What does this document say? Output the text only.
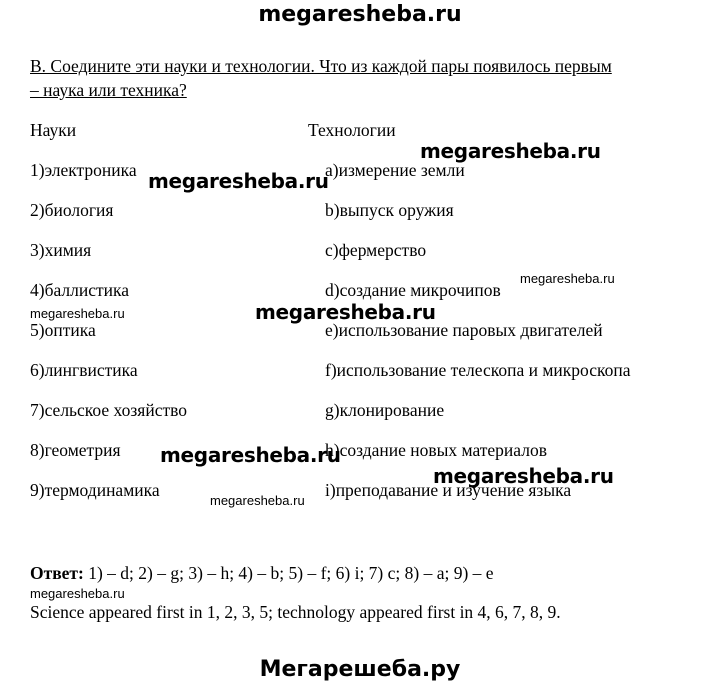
megaresheba.ru
B. Соедините эти науки и технологии. Что из каждой пары появилось первым
– наука или техника?
Науки	Технологии
1)электроника
2)биология
3)химия
4)баллистика
5)оптика
6)лингвистика
7)сельское хозяйство
8)геометрия
9)термодинамика
a)измерение земли
b)выпуск оружия
c)фермерство
d)создание микрочипов
e)использование паровых двигателей
f)использование телескопа и микроскопа
g)клонирование
h)создание новых материалов
i)преподавание и изучение языка
Ответ: 1) – d; 2) – g; 3) – h; 4) – b; 5) – f; 6) i; 7) c; 8) – a; 9) – e
Science appeared first in 1, 2, 3, 5; technology appeared first in 4, 6, 7, 8, 9.
megaresheba.ru
megaresheba.ru
megaresheba.ru
megaresheba.ru
megaresheba.ru
megaresheba.ru
megaresheba.ru
megaresheba.ru
megaresheba.ru
Мегарешеба.ру
